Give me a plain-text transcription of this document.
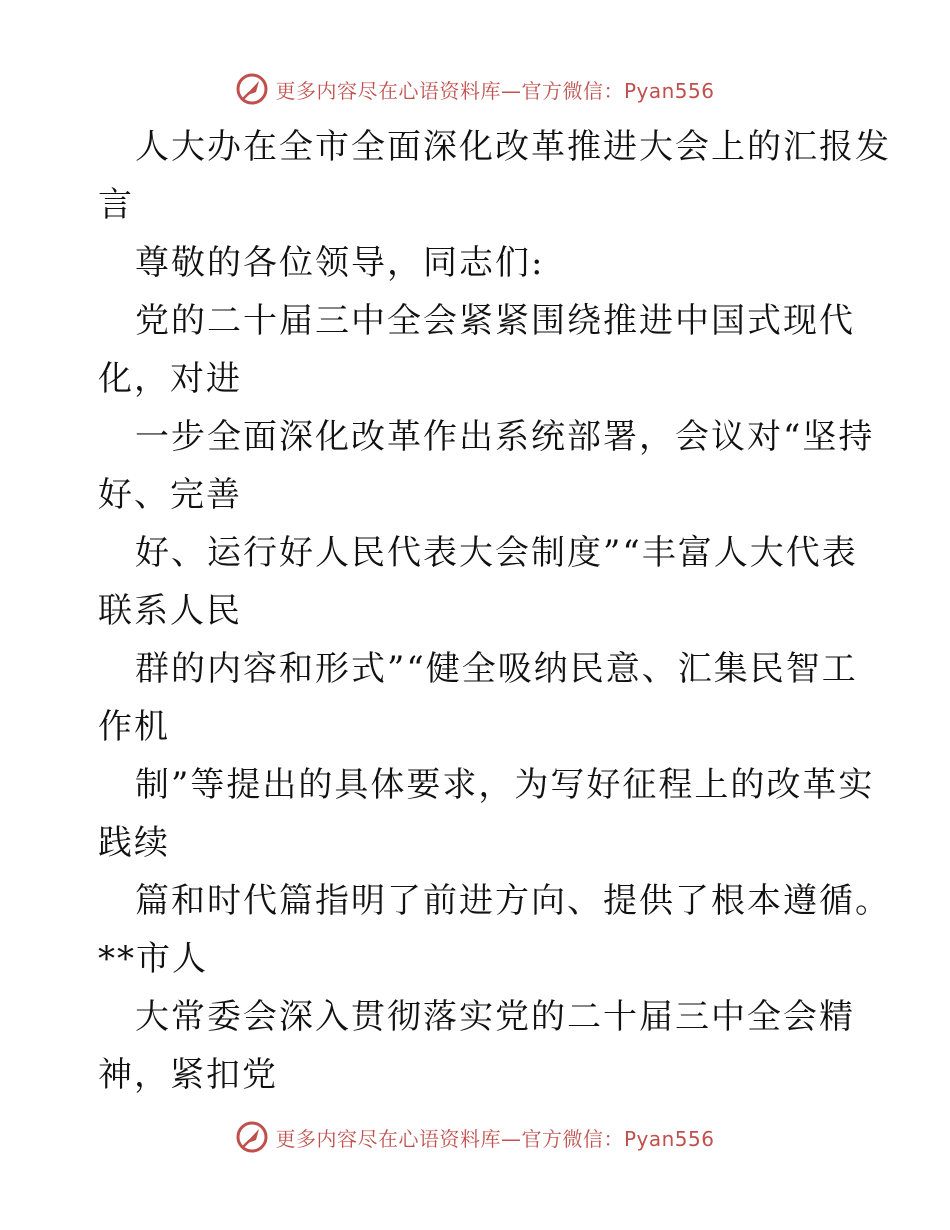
更多内容尽在心语资料库—官方微信：Pyan556
人大办在全市全面深化改革推进大会上的汇报发
言
尊敬的各位领导，同志们:
党的二十届三中全会紧紧围绕推进中国式现代
化，对进
一步全面深化改革作出系统部署，会议对“坚持
好、完善
好、运行好人民代表大会制度”“丰富人大代表
联系人民
群的内容和形式”“健全吸纳民意、汇集民智工
作机
制”等提出的具体要求，为写好征程上的改革实
践续
篇和时代篇指明了前进方向、提供了根本遵循。
**市人
大常委会深入贯彻落实党的二十届三中全会精
神，紧扣党
更多内容尽在心语资料库—官方微信：Pyan556
